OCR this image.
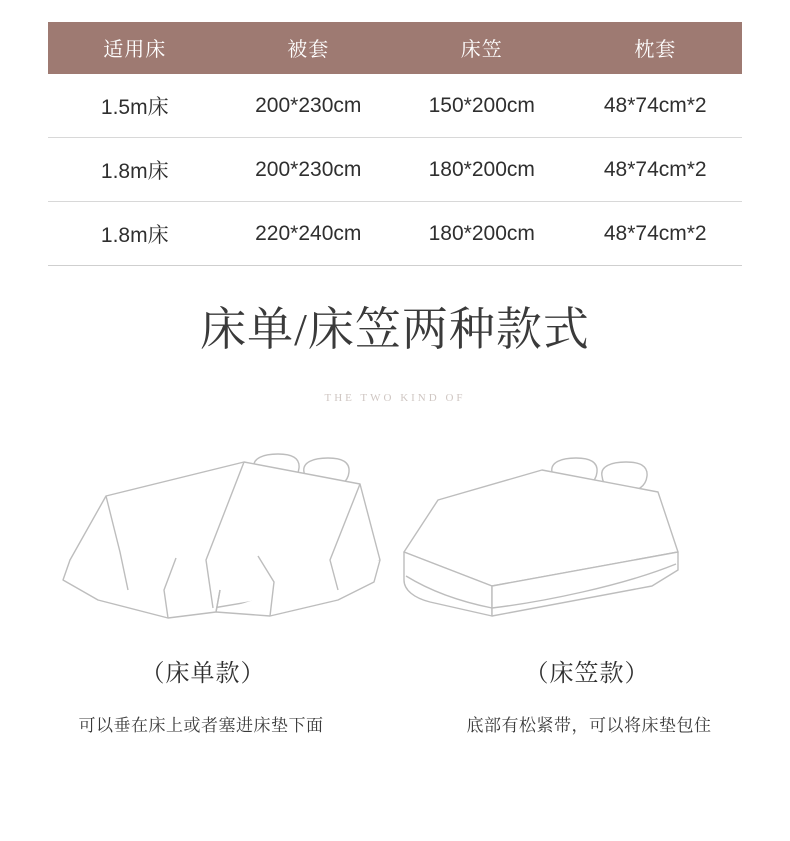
适用床	被套	床笠	枕套
1.5m床	200*230cm	150*200cm	48*74cm*2
1.8m床	200*230cm	180*200cm	48*74cm*2
1.8m床	220*240cm	180*200cm	48*74cm*2
床单/床笠两种款式
THE TWO KIND OF
（床单款）	（床笠款）
可以垂在床上或者塞进床垫下面	底部有松紧带，可以将床垫包住
